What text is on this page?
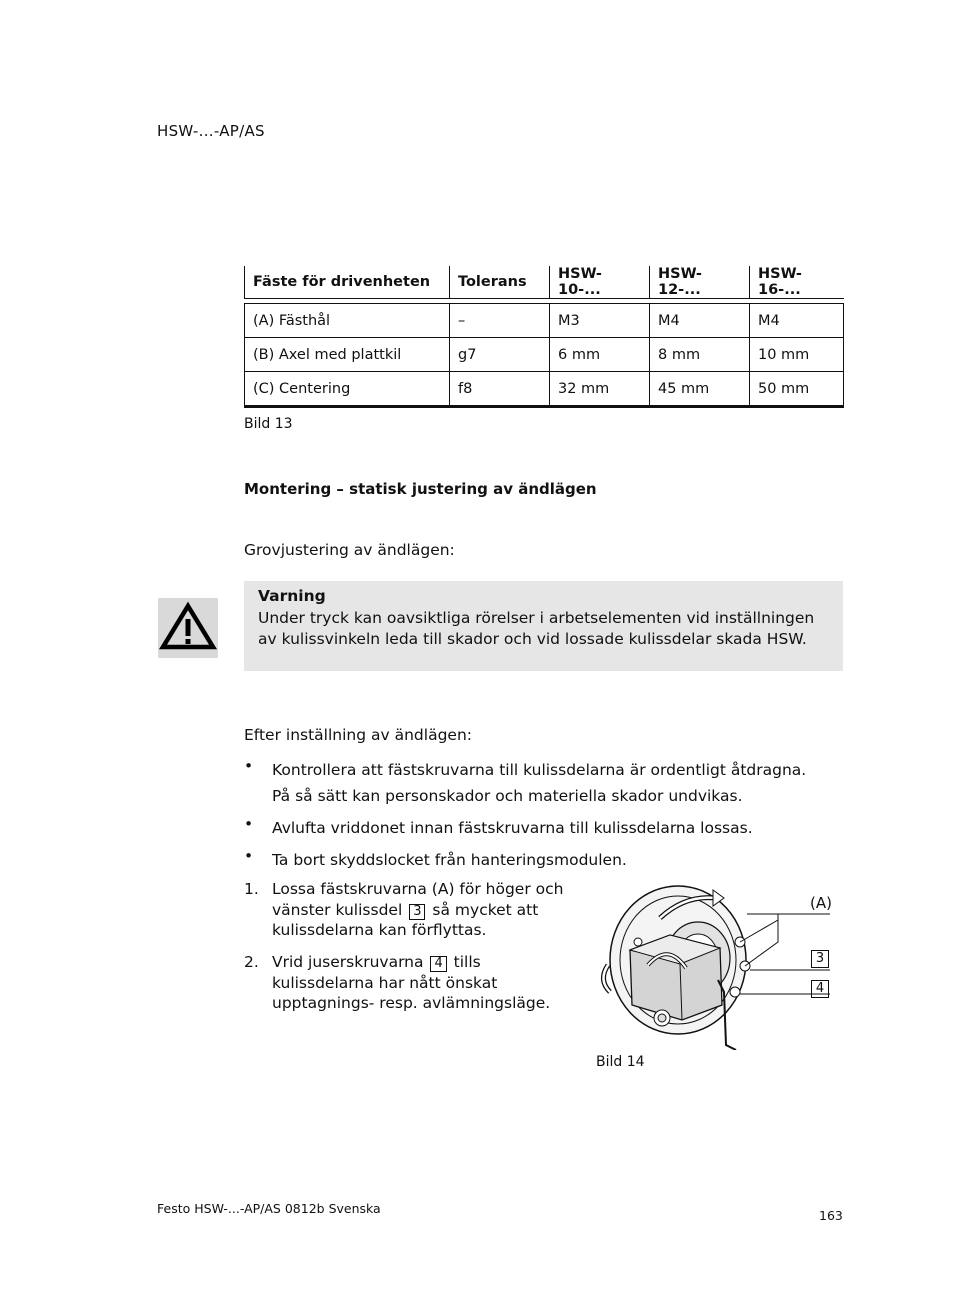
HSW-...-AP/AS
Fäste för drivenheten	Tolerans	HSW-10-...	HSW-12-...	HSW-16-...

(A) Fästhål	–	M3	M4	M4
(B) Axel med plattkil	g7	6 mm	8 mm	10 mm
(C) Centering	f8	32 mm	45 mm	50 mm
Bild 13
Montering – statisk justering av ändlägen
Grovjustering av ändlägen:
Varning
Under tryck kan oavsiktliga rörelser i arbetselementen vid inställningen av kulissvinkeln leda till skador och vid lossade kulissdelar skada HSW.
Efter inställning av ändlägen:
• Kontrollera att fästskruvarna till kulissdelarna är ordentligt åtdragna.
På så sätt kan personskador och materiella skador undvikas.
• Avlufta vriddonet innan fästskruvarna till kulissdelarna lossas.
• Ta bort skyddslocket från hanteringsmodulen.
1. Lossa fästskruvarna (A) för höger och vänster kulissdel 3 så mycket att kulissdelarna kan förflyttas.
2. Vrid juserskruvarna 4 tills kulissdelarna har nått önskat upptagnings- resp. avlämningsläge.
(A)
3
4
Bild 14
Festo HSW-...-AP/AS 0812b Svenska	163
